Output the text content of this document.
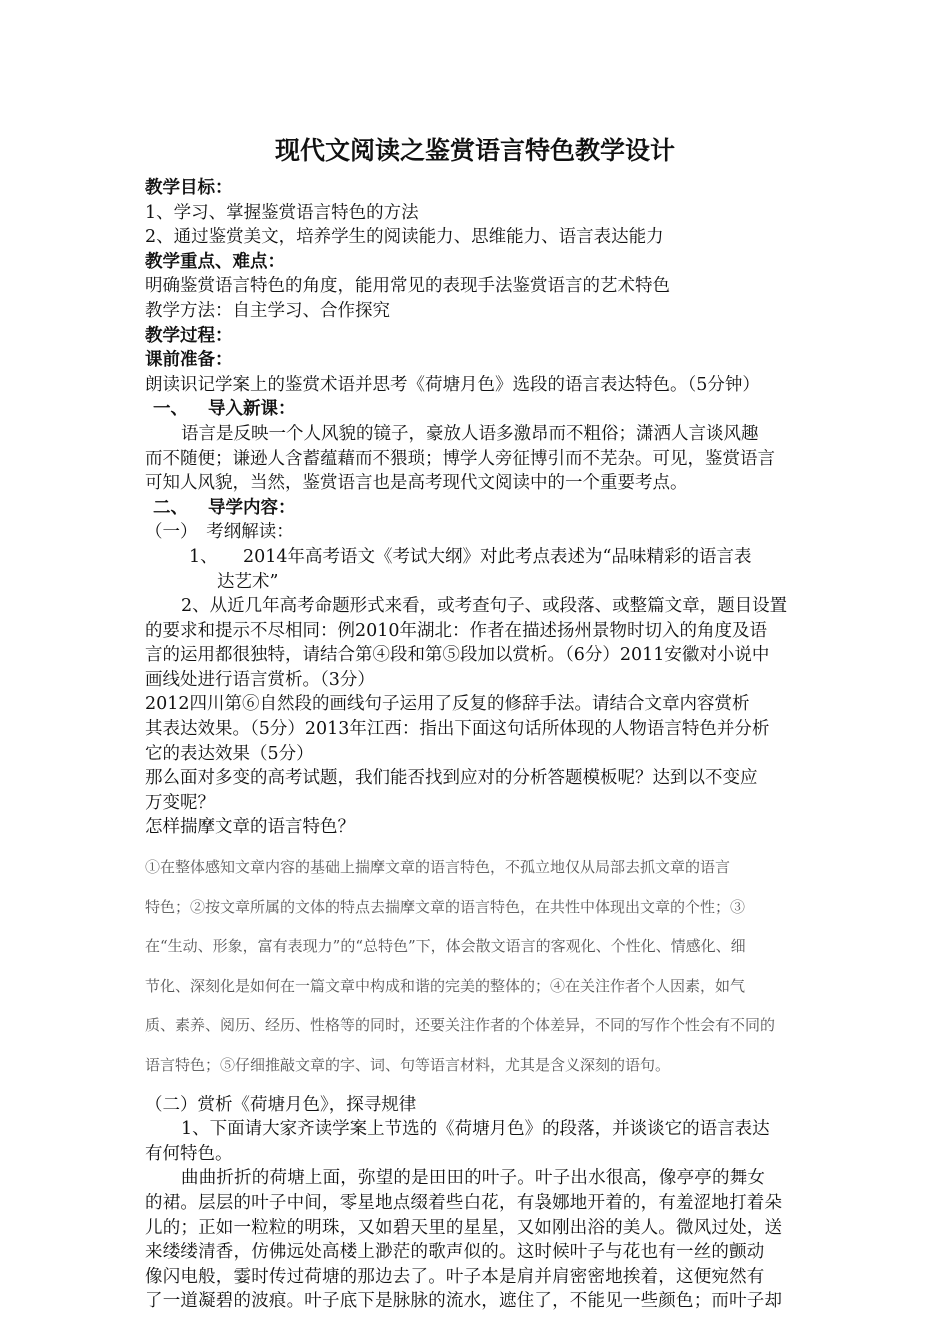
现代文阅读之鉴赏语言特色教学设计

教学目标：

1、学习、掌握鉴赏语言特色的方法

2、通过鉴赏美文，培养学生的阅读能力、思维能力、语言表达能力

教学重点、难点：

明确鉴赏语言特色的角度，能用常见的表现手法鉴赏语言的艺术特色

教学方法：自主学习、合作探究

教学过程：

课前准备：

朗读识记学案上的鉴赏术语并思考《荷塘月色》选段的语言表达特色。（5分钟）

一、 导入新课：

语言是反映一个人风貌的镜子，豪放人语多激昂而不粗俗；潇洒人言谈风趣

而不随便；谦逊人含蓄蕴藉而不猥琐；博学人旁征博引而不芜杂。可见，鉴赏语言

可知人风貌，当然，鉴赏语言也是高考现代文阅读中的一个重要考点。

二、 导学内容：

（一）　考纲解读：

1、 2014年高考语文《考试大纲》对此考点表述为“品味精彩的语言表

达艺术”

2、从近几年高考命题形式来看，或考查句子、或段落、或整篇文章，题目设置

的要求和提示不尽相同：例2010年湖北：作者在描述扬州景物时切入的角度及语

言的运用都很独特，请结合第④段和第⑤段加以赏析。（6分）2011安徽对小说中

画线处进行语言赏析。（3分）

2012四川第⑥自然段的画线句子运用了反复的修辞手法。请结合文章内容赏析

其表达效果。（5分）2013年江西：指出下面这句话所体现的人物语言特色并分析

它的表达效果（5分）

那么面对多变的高考试题，我们能否找到应对的分析答题模板呢？达到以不变应

万变呢？

怎样揣摩文章的语言特色？

①在整体感知文章内容的基础上揣摩文章的语言特色，不孤立地仅从局部去抓文章的语言

特色；②按文章所属的文体的特点去揣摩文章的语言特色，在共性中体现出文章的个性；③

在“生动、形象，富有表现力”的“总特色”下，体会散文语言的客观化、个性化、情感化、细

节化、深刻化是如何在一篇文章中构成和谐的完美的整体的；④在关注作者个人因素，如气

质、素养、阅历、经历、性格等的同时，还要关注作者的个体差异，不同的写作个性会有不同的

语言特色；⑤仔细推敲文章的字、词、句等语言材料，尤其是含义深刻的语句。

（二）赏析《荷塘月色》，探寻规律

1、下面请大家齐读学案上节选的《荷塘月色》的段落，并谈谈它的语言表达

有何特色。

曲曲折折的荷塘上面，弥望的是田田的叶子。叶子出水很高，像亭亭的舞女

的裙。层层的叶子中间，零星地点缀着些白花，有袅娜地开着的，有羞涩地打着朵

儿的；正如一粒粒的明珠，又如碧天里的星星，又如刚出浴的美人。微风过处，送

来缕缕清香，仿佛远处高楼上渺茫的歌声似的。这时候叶子与花也有一丝的颤动

像闪电般，霎时传过荷塘的那边去了。叶子本是肩并肩密密地挨着，这便宛然有

了一道凝碧的波痕。叶子底下是脉脉的流水，遮住了，不能见一些颜色；而叶子却
